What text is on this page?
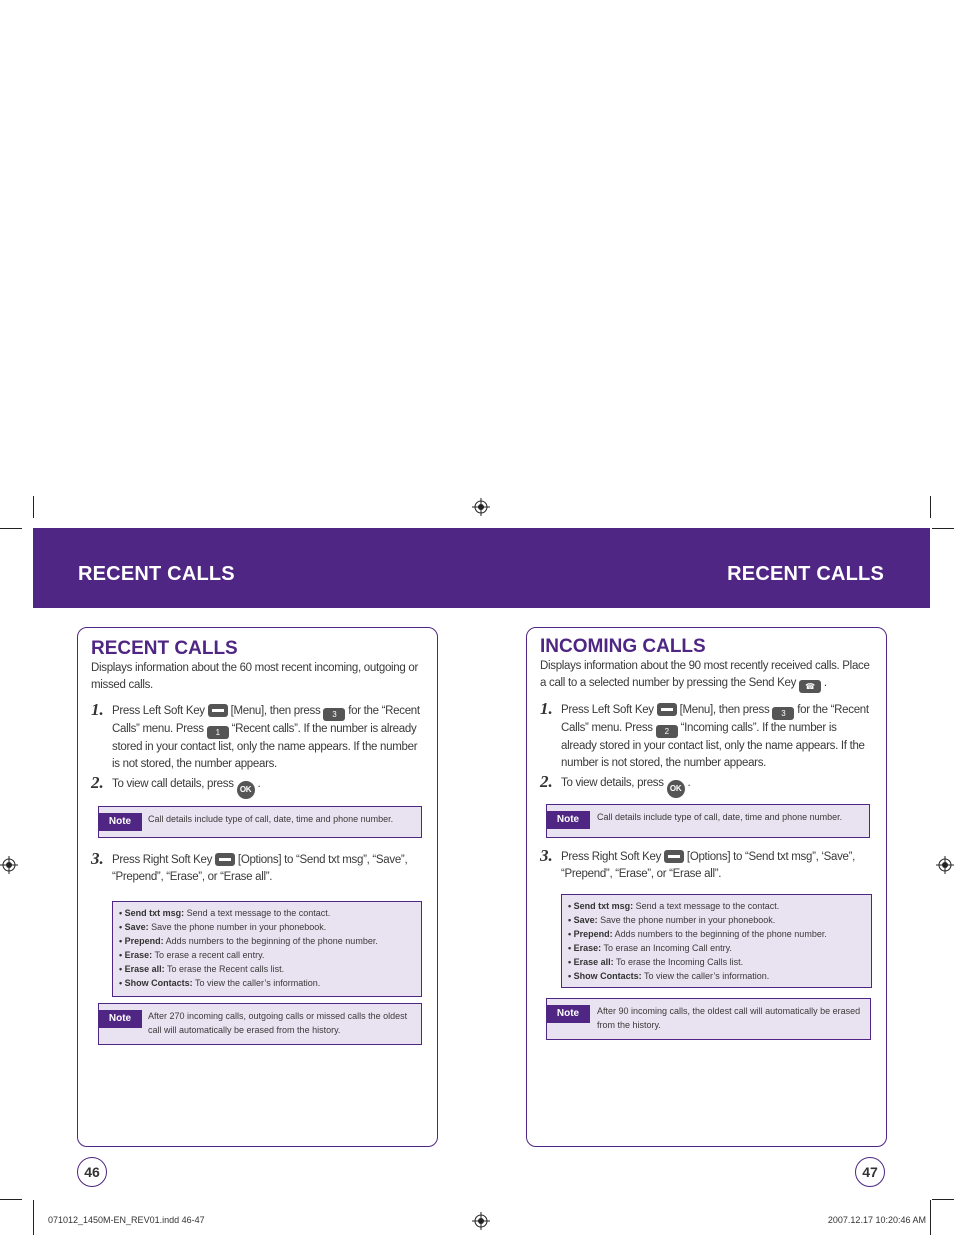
RECENT CALLS	RECENT CALLS
RECENT CALLS
Displays information about the 60 most recent incoming, outgoing or missed calls.
1. Press Left Soft Key [Menu], then press 3 for the “Recent Calls” menu. Press 1 “Recent calls”. If the number is already stored in your contact list, only the name appears. If the number is not stored, the number appears.
2. To view call details, press OK .
Note	Call details include type of call, date, time and phone number.
3. Press Right Soft Key [Options] to “Send txt msg”, “Save”, “Prepend”, “Erase”, or “Erase all”.
• Send txt msg: Send a text message to the contact.
• Save: Save the phone number in your phonebook.
• Prepend: Adds numbers to the beginning of the phone number.
• Erase: To erase a recent call entry.
• Erase all: To erase the Recent calls list.
• Show Contacts: To view the caller’s information.
Note	After 270 incoming calls, outgoing calls or missed calls the oldest call will automatically be erased from the history.
46
INCOMING CALLS
Displays information about the 90 most recently received calls. Place a call to a selected number by pressing the Send Key ☎ .
1. Press Left Soft Key [Menu], then press 3 for the “Recent Calls” menu. Press 2 “Incoming calls”. If the number is already stored in your contact list, only the name appears. If the number is not stored, the number appears.
2. To view details, press OK .
Note	Call details include type of call, date, time and phone number.
3. Press Right Soft Key [Options] to “Send txt msg”, ‘Save”, “Prepend”, “Erase”, or “Erase all”.
• Send txt msg: Send a text message to the contact.
• Save: Save the phone number in your phonebook.
• Prepend: Adds numbers to the beginning of the phone number.
• Erase: To erase an Incoming Call entry.
• Erase all: To erase the Incoming Calls list.
• Show Contacts: To view the caller’s information.
Note	After 90 incoming calls, the oldest call will automatically be erased from the history.
47
071012_1450M-EN_REV01.indd 46-47	2007.12.17 10:20:46 AM
